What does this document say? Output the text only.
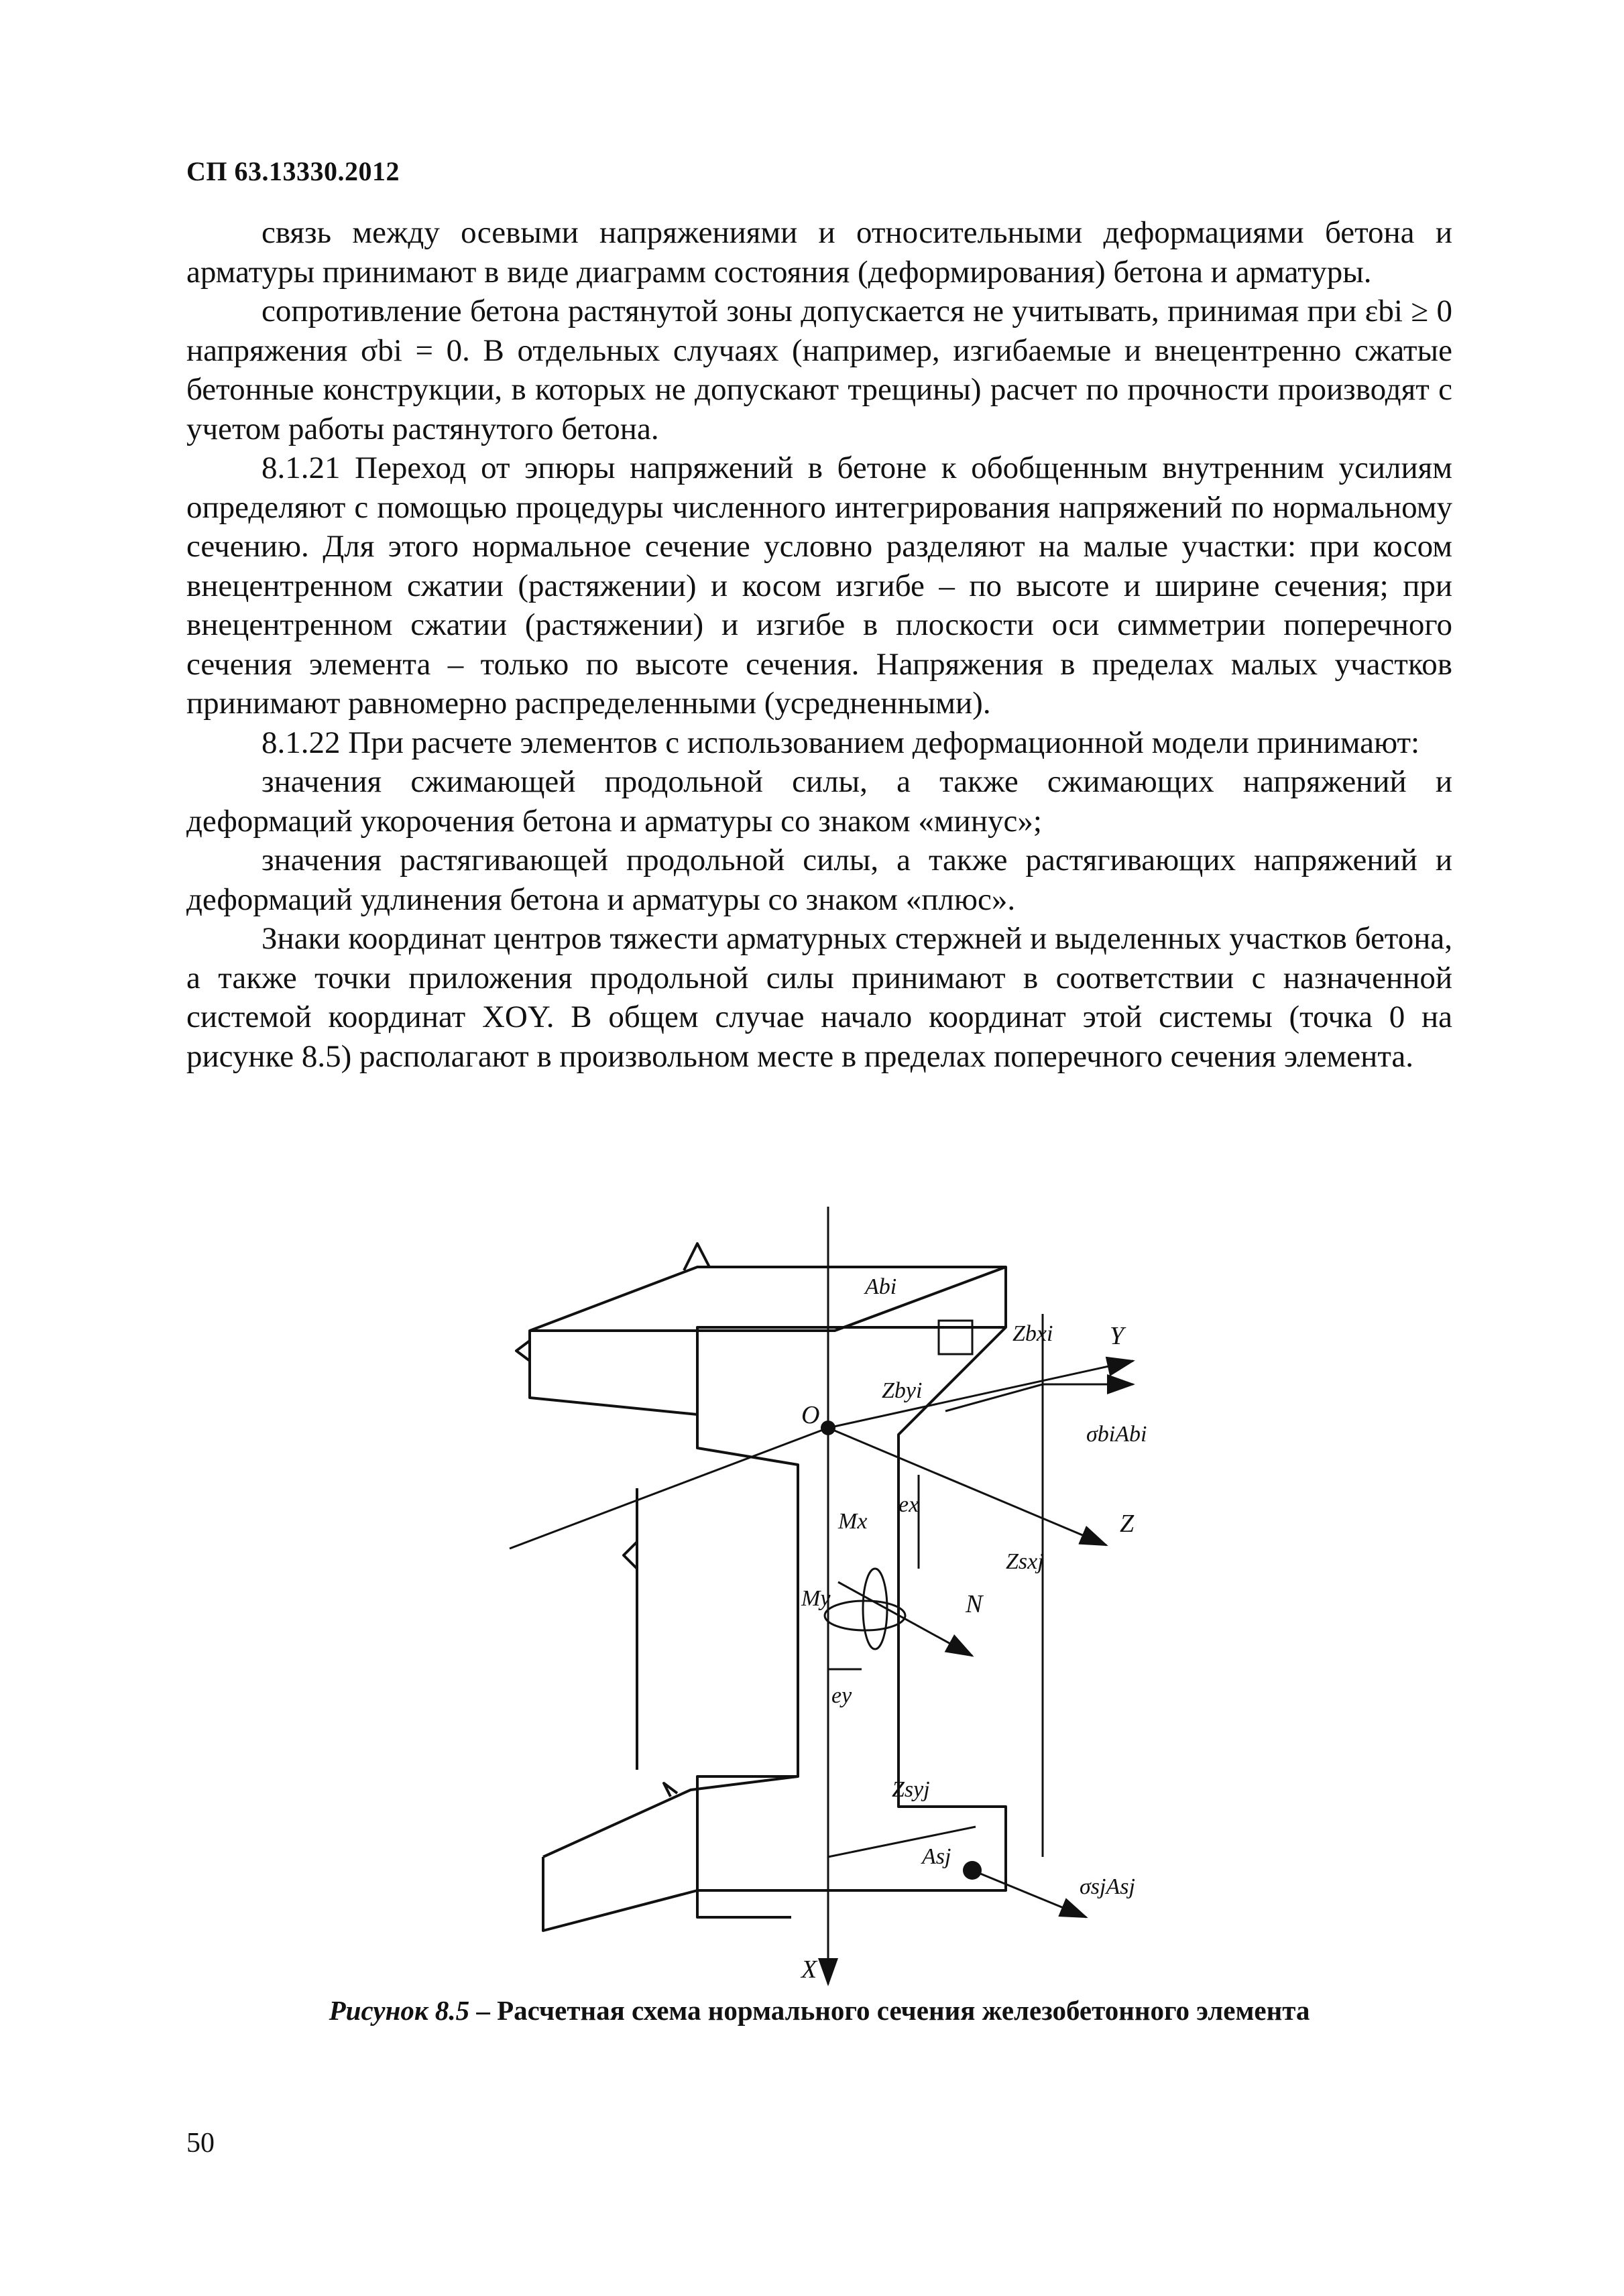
СП 63.13330.2012

связь между осевыми напряжениями и относительными деформациями бетона и арматуры принимают в виде диаграмм состояния (деформирования) бетона и арматуры.

сопротивление бетона растянутой зоны допускается не учитывать, принимая при εbi ≥ 0 напряжения σbi = 0. В отдельных случаях (например, изгибаемые и внецентренно сжатые бетонные конструкции, в которых не допускают трещины) расчет по прочности производят с учетом работы растянутого бетона.

8.1.21 Переход от эпюры напряжений в бетоне к обобщенным внутренним усилиям определяют с помощью процедуры численного интегрирования напряжений по нормальному сечению. Для этого нормальное сечение условно разделяют на малые участки: при косом внецентренном сжатии (растяжении) и косом изгибе – по высоте и ширине сечения; при внецентренном сжатии (растяжении) и изгибе в плоскости оси симметрии поперечного сечения элемента – только по высоте сечения. Напряжения в пределах малых участков принимают равномерно распределенными (усредненными).

8.1.22 При расчете элементов с использованием деформационной модели принимают:

значения сжимающей продольной силы, а также сжимающих напряжений и деформаций укорочения бетона и арматуры со знаком «минус»;

значения растягивающей продольной силы, а также растягивающих напряжений и деформаций удлинения бетона и арматуры со знаком «плюс».

Знаки координат центров тяжести арматурных стержней и выделенных участков бетона, а также точки приложения продольной силы принимают в соответствии с назначенной системой координат XOY. В общем случае начало координат этой системы (точка 0 на рисунке 8.5) располагают в произвольном месте в пределах поперечного сечения элемента.

Abi
Zbyi
Zbxi Y
O
σbiAbi
ex
Mx
Zsxj
Z
N
My
ey
Zsyj
Asj
σsjAsj
X
Рисунок 8.5 – Расчетная схема нормального сечения железобетонного элемента
50
